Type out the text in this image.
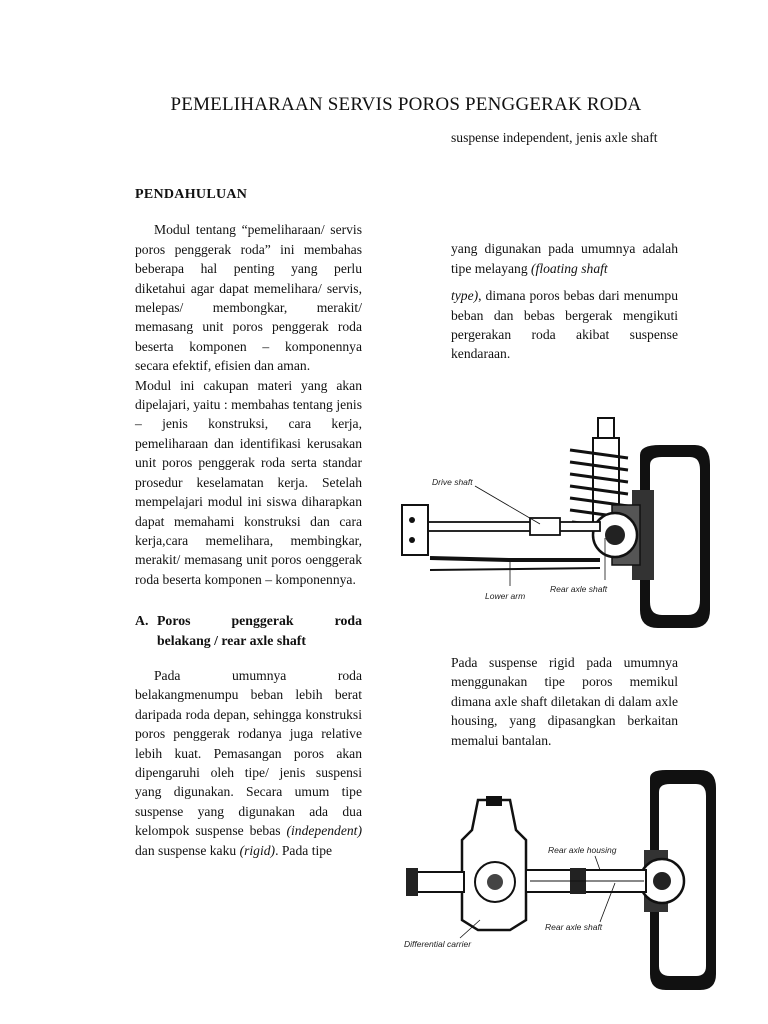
PEMELIHARAAN SERVIS POROS PENGGERAK RODA
PENDAHULUAN

Modul tentang “pemeliharaan/ servis poros penggerak roda” ini membahas beberapa hal penting yang perlu diketahui agar dapat memelihara/ servis, melepas/ membongkar, merakit/ memasang unit poros penggerak roda beserta komponen – komponennya secara efektif, efisien dan aman.

Modul ini cakupan materi yang akan dipelajari, yaitu : membahas tentang jenis – jenis konstruksi, cara kerja, pemeliharaan dan identifikasi kerusakan unit poros penggerak roda serta standar prosedur keselamatan kerja. Setelah mempelajari modul ini siswa diharapkan dapat memahami konstruksi dan cara kerja,cara memelihara, membingkar, merakit/ memasang unit poros oenggerak roda beserta komponen – komponennya.

A. Poros	penggerak	roda
belakang / rear axle shaft

Pada umumnya roda belakangmenumpu beban lebih berat daripada roda depan, sehingga konstruksi poros penggerak rodanya juga relative lebih kuat. Pemasangan poros akan dipengaruhi oleh tipe/ jenis suspensi yang digunakan. Secara umum tipe suspense yang digunakan ada dua kelompok suspense bebas (independent) dan suspense kaku (rigid). Pada tipe

suspense independent, jenis axle shaft

yang digunakan pada umumnya adalah tipe melayang (floating shaft

type), dimana poros bebas dari menumpu beban dan bebas bergerak mengikuti pergerakan roda akibat suspense kendaraan.

Pada suspense rigid pada umumnya menggunakan tipe poros memikul dimana axle shaft diletakan di dalam axle housing, yang dipasangkan berkaitan memalui bantalan.

Drive shaft
Lower arm
Rear axle shaft
Rear axle housing
Rear axle shaft
Differential carrier
